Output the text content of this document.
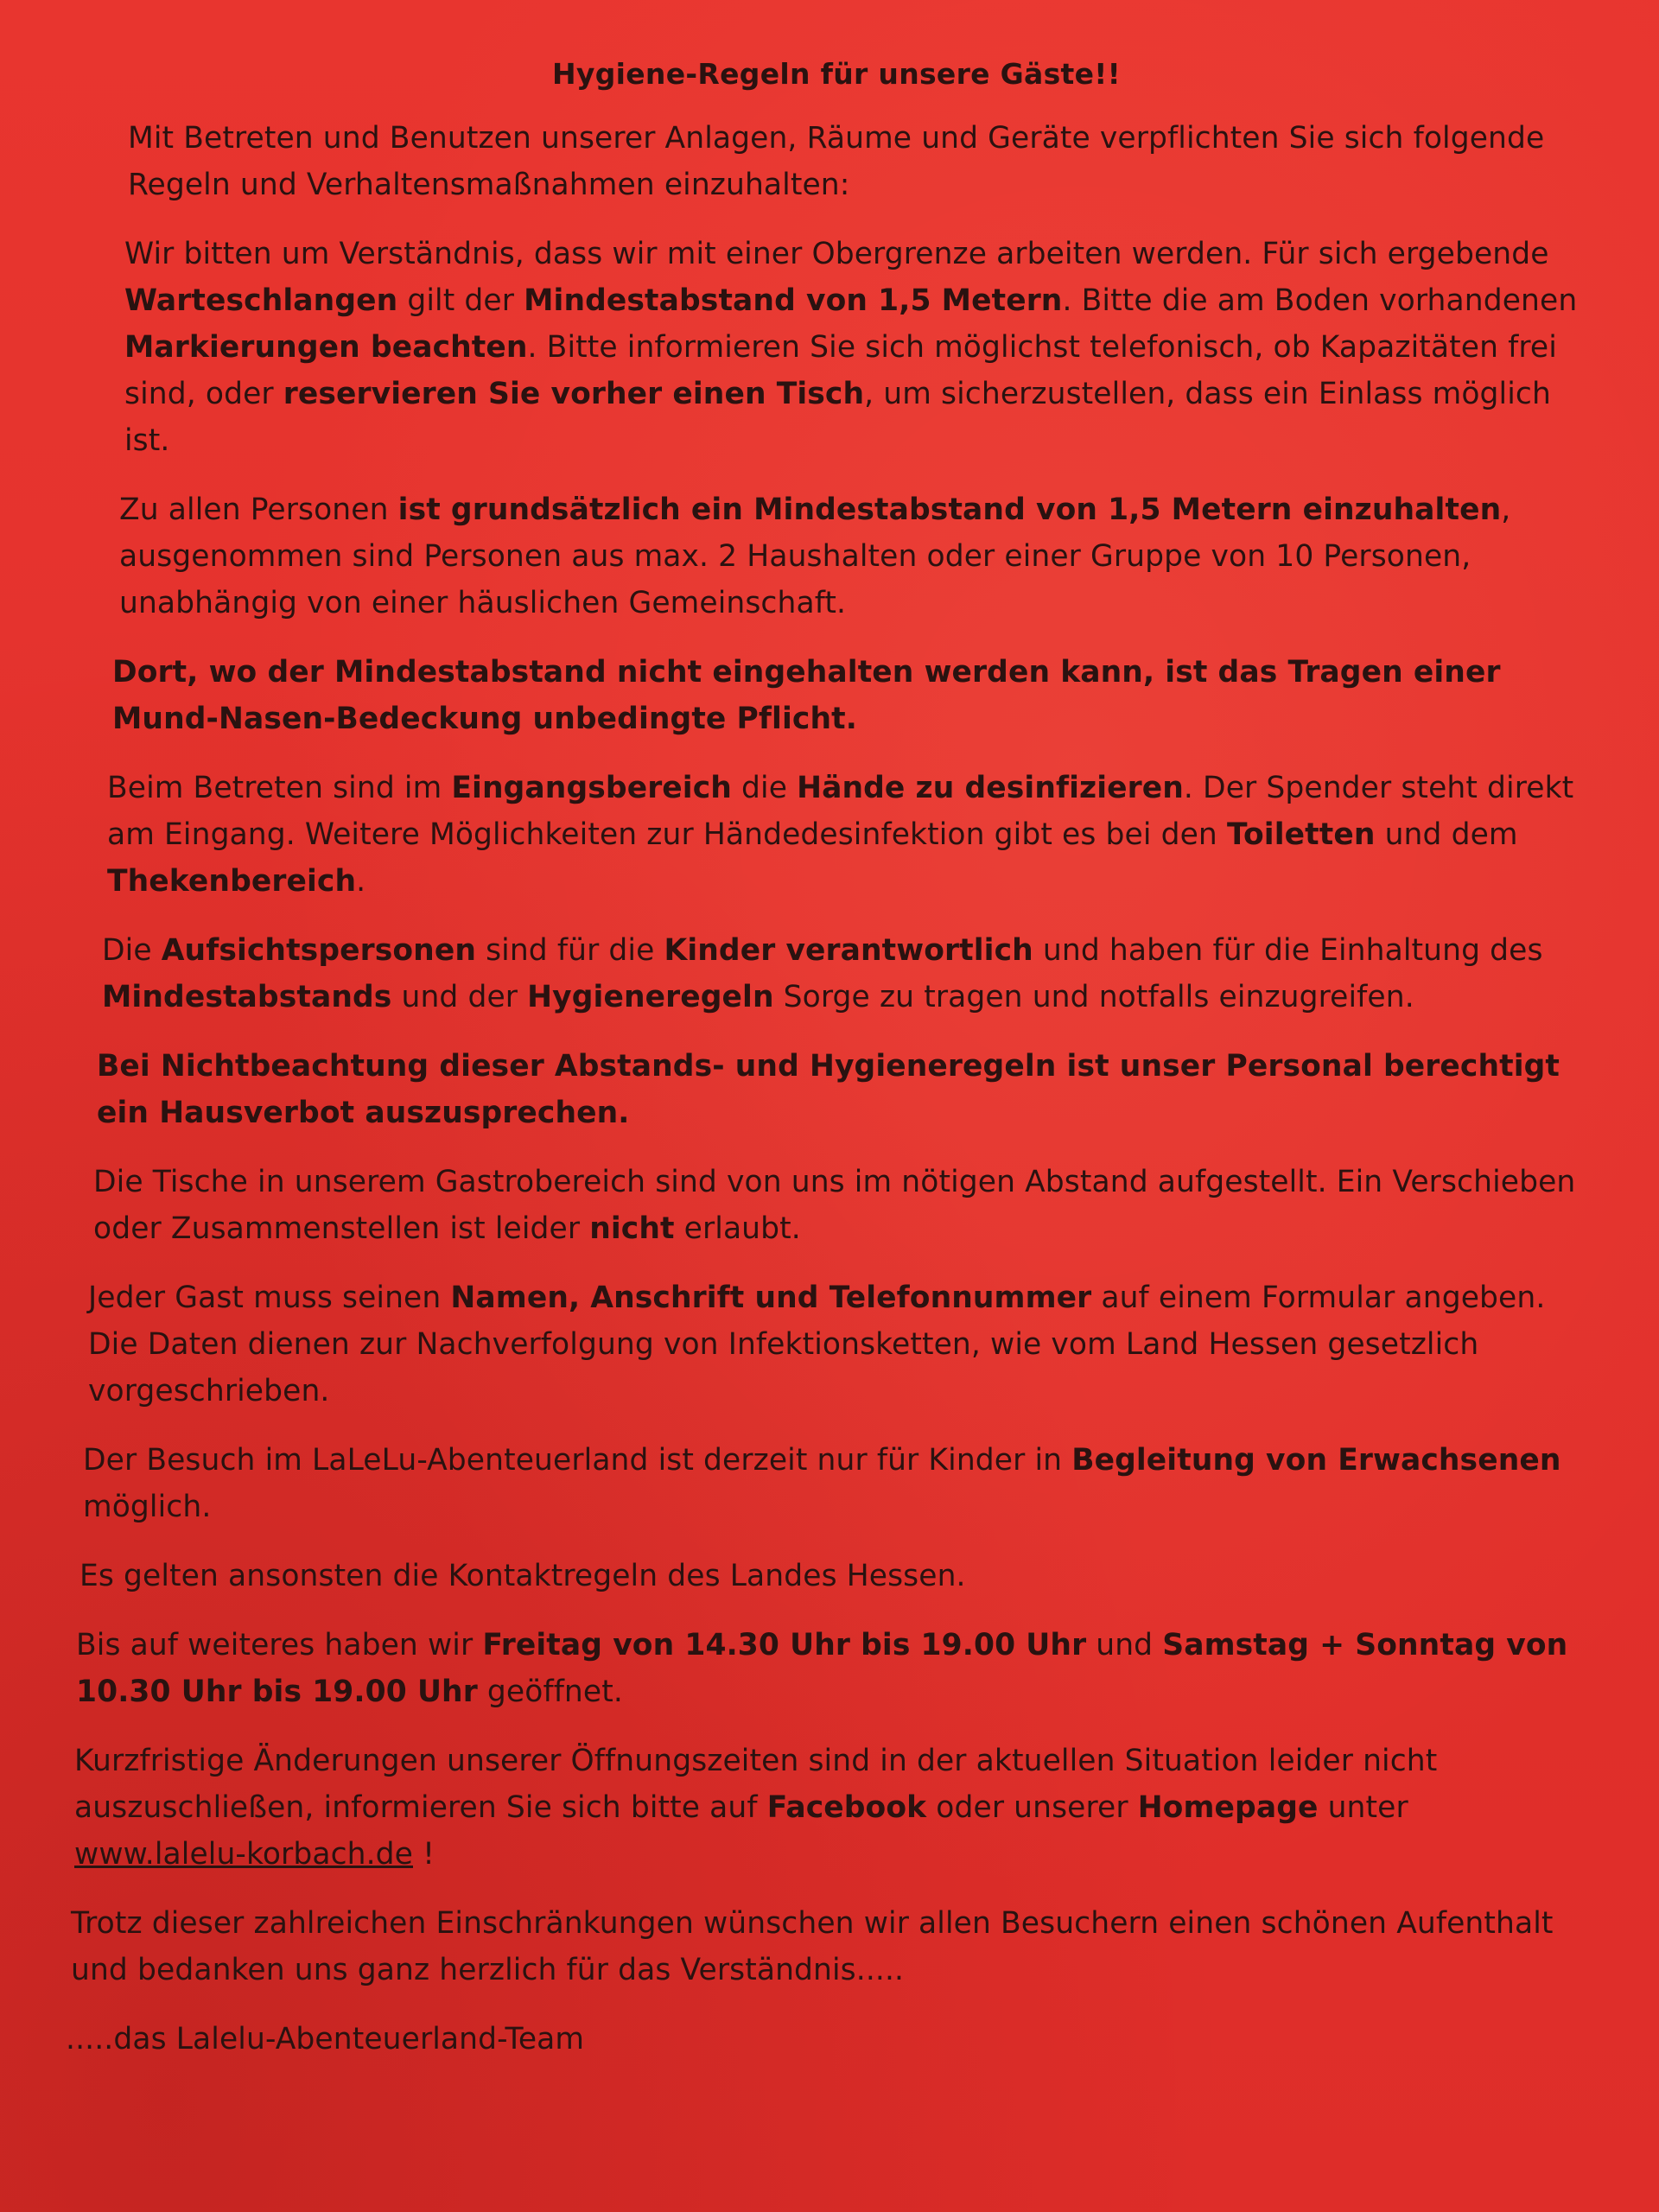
Hygiene-Regeln für unsere Gäste!!
Mit Betreten und Benutzen unserer Anlagen, Räume und Geräte verpflichten Sie sich folgende Regeln und Verhaltensmaßnahmen einzuhalten:
Wir bitten um Verständnis, dass wir mit einer Obergrenze arbeiten werden. Für sich ergebende Warteschlangen gilt der Mindestabstand von 1,5 Metern. Bitte die am Boden vorhandenen Markierungen beachten. Bitte informieren Sie sich möglichst telefonisch, ob Kapazitäten frei sind, oder reservieren Sie vorher einen Tisch, um sicherzustellen, dass ein Einlass möglich ist.
Zu allen Personen ist grundsätzlich ein Mindestabstand von 1,5 Metern einzuhalten, ausgenommen sind Personen aus max. 2 Haushalten oder einer Gruppe von 10 Personen, unabhängig von einer häuslichen Gemeinschaft.
Dort, wo der Mindestabstand nicht eingehalten werden kann, ist das Tragen einer Mund-Nasen-Bedeckung unbedingte Pflicht.
Beim Betreten sind im Eingangsbereich die Hände zu desinfizieren. Der Spender steht direkt am Eingang. Weitere Möglichkeiten zur Händedesinfektion gibt es bei den Toiletten und dem Thekenbereich.
Die Aufsichtspersonen sind für die Kinder verantwortlich und haben für die Einhaltung des Mindestabstands und der Hygieneregeln Sorge zu tragen und notfalls einzugreifen.
Bei Nichtbeachtung dieser Abstands- und Hygieneregeln ist unser Personal berechtigt ein Hausverbot auszusprechen.
Die Tische in unserem Gastrobereich sind von uns im nötigen Abstand aufgestellt. Ein Verschieben oder Zusammenstellen ist leider nicht erlaubt.
Jeder Gast muss seinen Namen, Anschrift und Telefonnummer auf einem Formular angeben. Die Daten dienen zur Nachverfolgung von Infektionsketten, wie vom Land Hessen gesetzlich vorgeschrieben.
Der Besuch im LaLeLu-Abenteuerland ist derzeit nur für Kinder in Begleitung von Erwachsenen möglich.
Es gelten ansonsten die Kontaktregeln des Landes Hessen.
Bis auf weiteres haben wir Freitag von 14.30 Uhr bis 19.00 Uhr und Samstag + Sonntag von 10.30 Uhr bis 19.00 Uhr geöffnet.
Kurzfristige Änderungen unserer Öffnungszeiten sind in der aktuellen Situation leider nicht auszuschließen, informieren Sie sich bitte auf Facebook oder unserer Homepage unter www.lalelu-korbach.de !
Trotz dieser zahlreichen Einschränkungen wünschen wir allen Besuchern einen schönen Aufenthalt und bedanken uns ganz herzlich für das Verständnis.....
.....das Lalelu-Abenteuerland-Team
